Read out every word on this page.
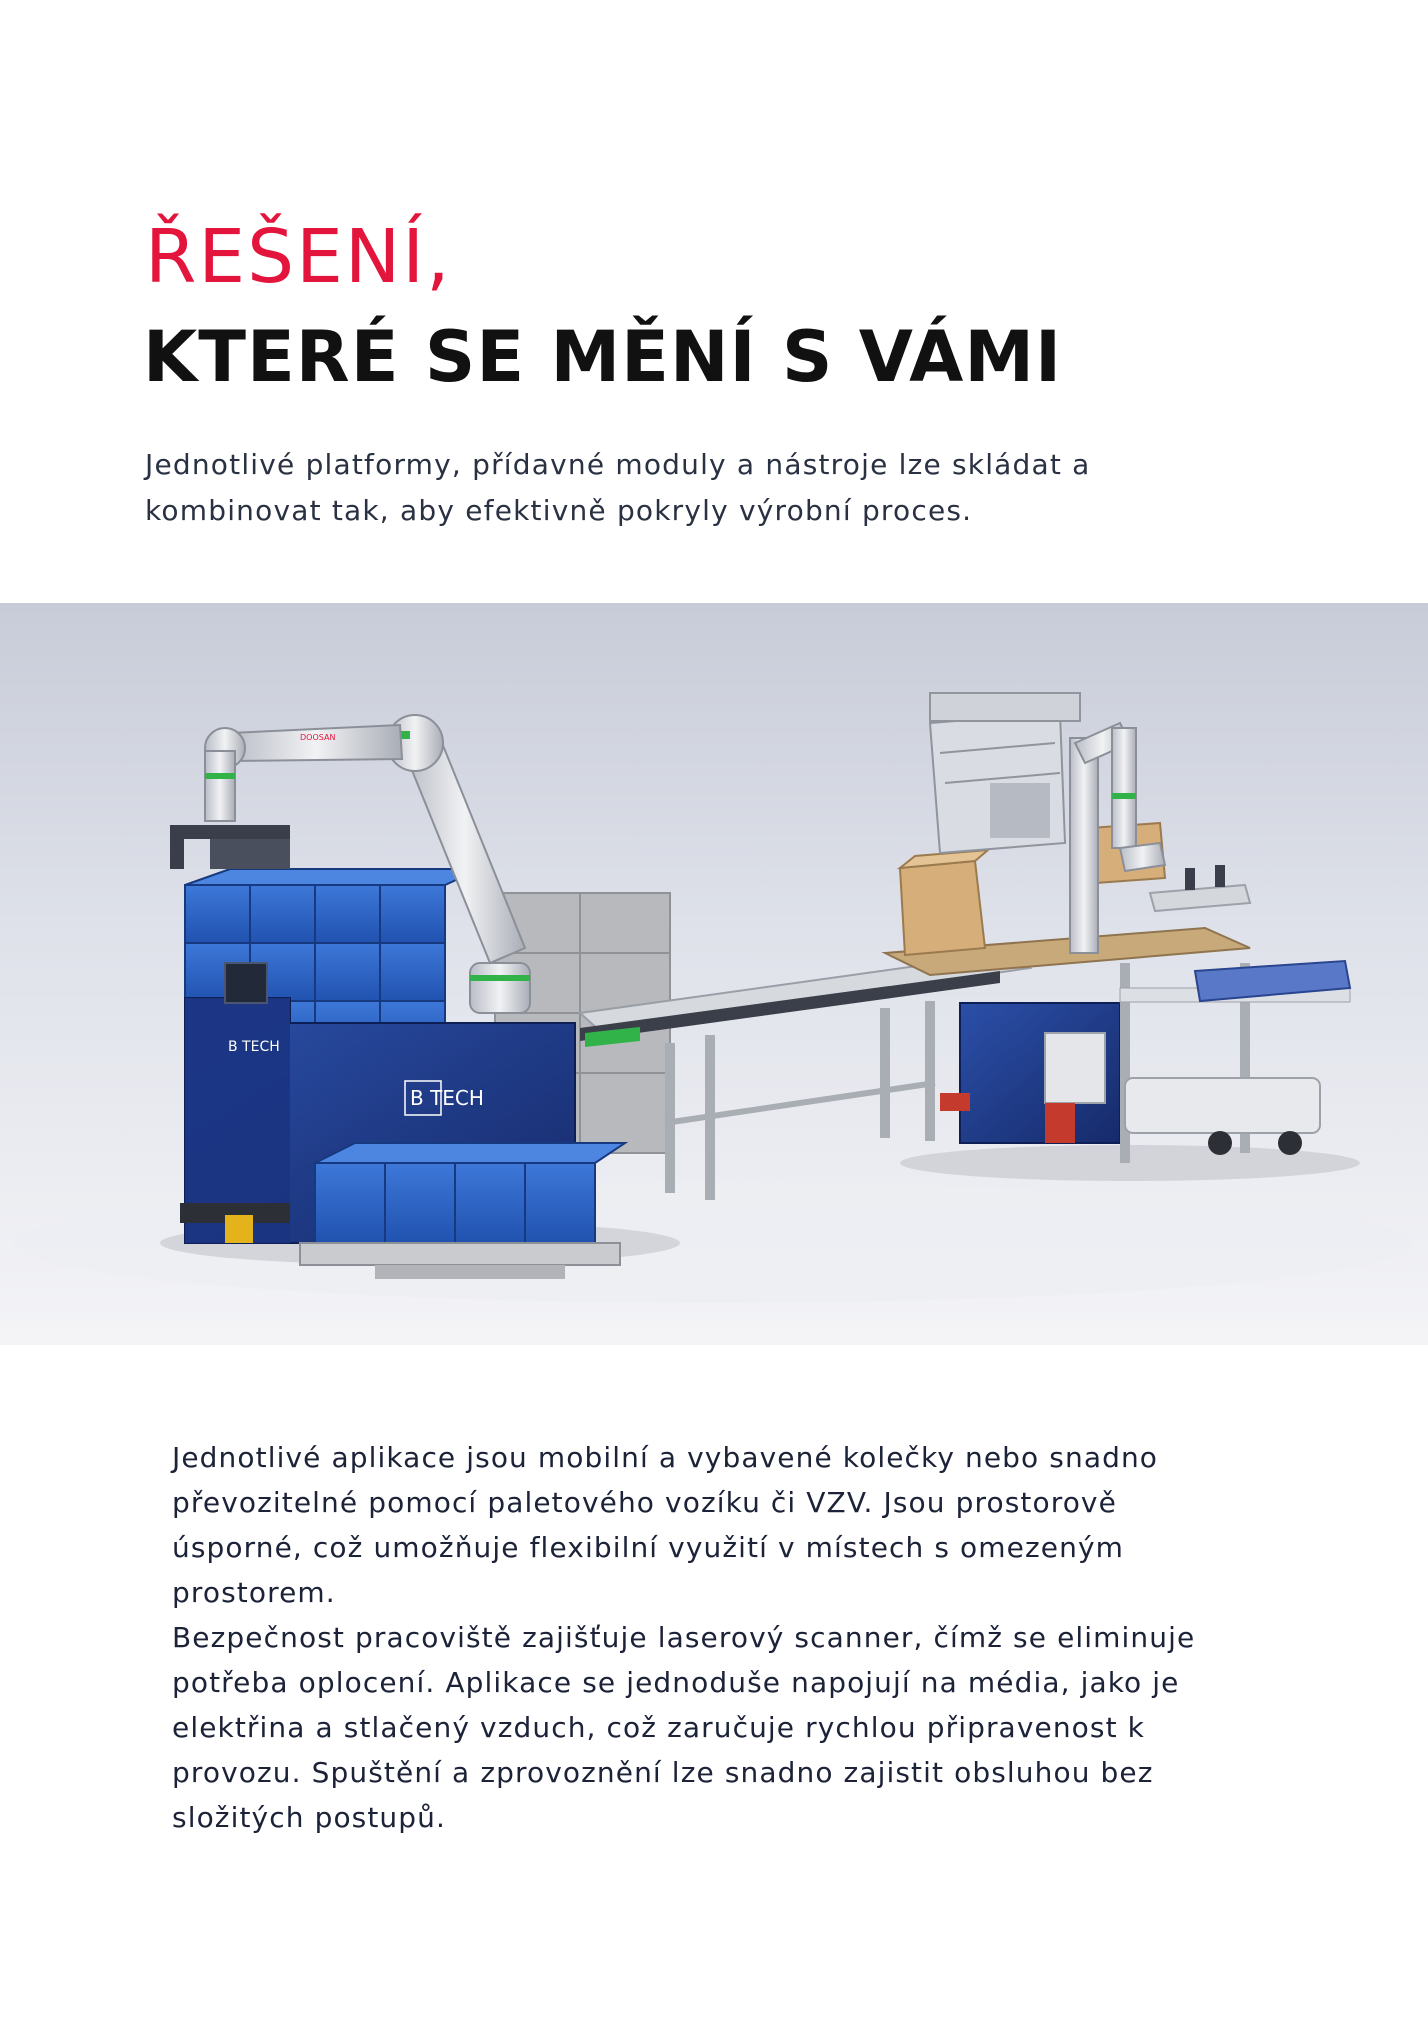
ŘEŠENÍ,
KTERÉ SE MĚNÍ S VÁMI

Jednotlivé platformy, přídavné moduly a nástroje lze skládat a
kombinovat tak, aby efektivně pokryly výrobní proces.

B TECH
B TECH
DOOSAN

Jednotlivé aplikace jsou mobilní a vybavené kolečky nebo snadno
převozitelné pomocí paletového vozíku či VZV. Jsou prostorově
úsporné, což umožňuje flexibilní využití v místech s omezeným
prostorem.
Bezpečnost pracoviště zajišťuje laserový scanner, čímž se eliminuje
potřeba oplocení. Aplikace se jednoduše napojují na média, jako je
elektřina a stlačený vzduch, což zaručuje rychlou připravenost k
provozu. Spuštění a zprovoznění lze snadno zajistit obsluhou bez
složitých postupů.
